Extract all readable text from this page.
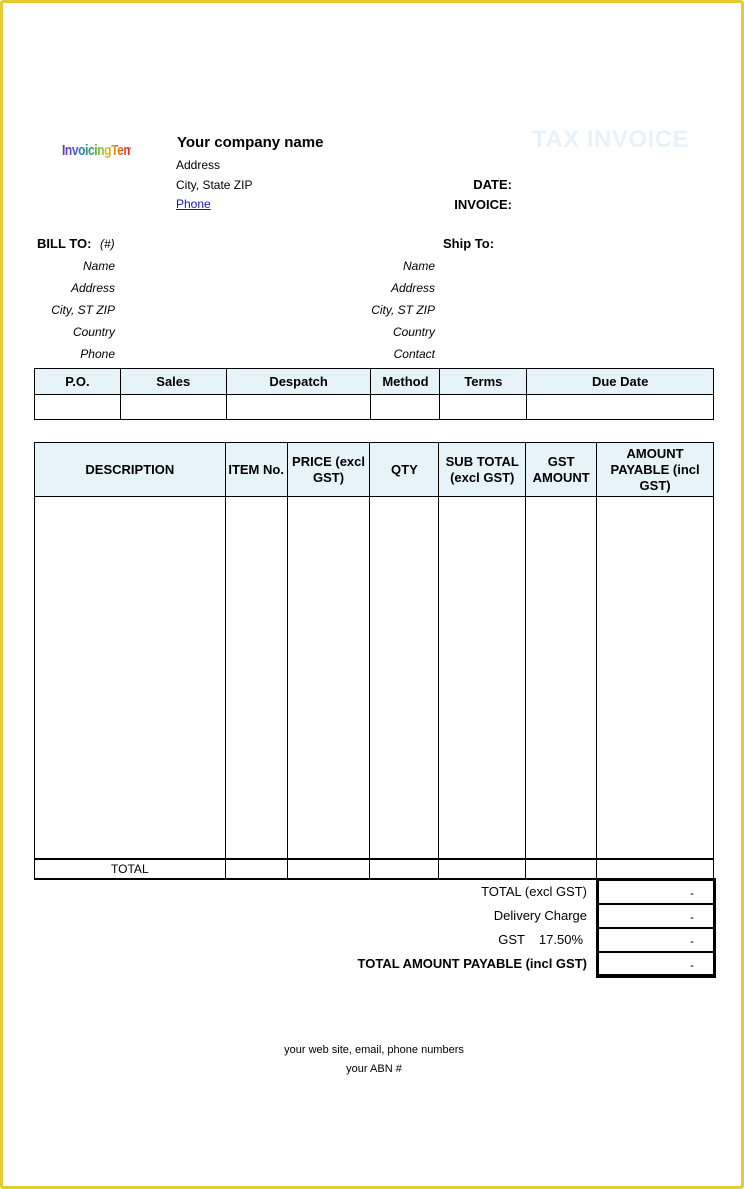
InvoicingTemplates Your company name
Address
City, State ZIP
Phone
TAX INVOICE
DATE:
INVOICE:
BILL TO: (#)
Name
Address
City, ST ZIP
Country
Phone
Ship To:
Name
Address
City, ST ZIP
Country
Contact
P.O.	Sales	Despatch	Method	Terms	Due Date

DESCRIPTION	ITEM No.	PRICE (excl GST)	QTY	SUB TOTAL (excl GST)	GST AMOUNT	AMOUNT PAYABLE (incl GST)

TOTAL						
TOTAL (excl GST)	-
Delivery Charge	-
GST	17.50%	-
TOTAL AMOUNT PAYABLE (incl GST)	-
your web site, email, phone numbers
your ABN #
